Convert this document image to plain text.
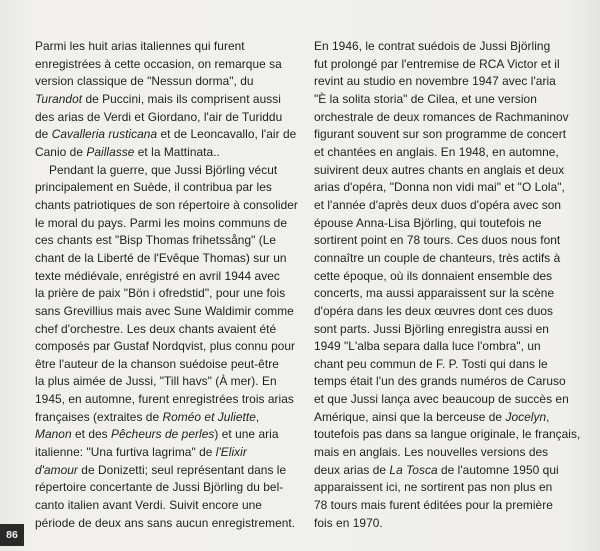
Parmi les huit arias italiennes qui furent
enregistrées à cette occasion, on remarque sa
version classique de "Nessun dorma", du
Turandot de Puccini, mais ils comprisent aussi
des arias de Verdi et Giordano, l'air de Turiddu
de Cavalleria rusticana et de Leoncavallo, l'air de
Canio de Paillasse et la Mattinata..

Pendant la guerre, que Jussi Björling vécut
principalement en Suède, il contribua par les
chants patriotiques de son répertoire à consolider
le moral du pays. Parmi les moins communs de
ces chants est "Bisp Thomas frihetssång" (Le
chant de la Liberté de l'Evêque Thomas) sur un
texte médiévale, enrégistré en avril 1944 avec
la prière de paix "Bön i ofredstid", pour une fois
sans Grevillius mais avec Sune Waldimir comme
chef d'orchestre. Les deux chants avaient été
composés par Gustaf Nordqvist, plus connu pour
être l'auteur de la chanson suédoise peut-être
la plus aimée de Jussi, "Till havs" (À mer). En
1945, en automne, furent enregistrées trois arias
françaises (extraites de Roméo et Juliette,
Manon et des Pêcheurs de perles) et une aria
italienne: "Una furtiva lagrima" de l'Elixir
d'amour de Donizetti; seul représentant dans le
répertoire concertante de Jussi Björling du bel-
canto italien avant Verdi. Suivit encore une
période de deux ans sans aucun enregistrement.

En 1946, le contrat suédois de Jussi Björling
fut prolongé par l'entremise de RCA Victor et il
revint au studio en novembre 1947 avec l'aria
"È la solita storia" de Cilea, et une version
orchestrale de deux romances de Rachmaninov
figurant souvent sur son programme de concert
et chantées en anglais. En 1948, en automne,
suivirent deux autres chants en anglais et deux
arias d'opéra, "Donna non vidi mai" et "O Lola",
et l'année d'après deux duos d'opéra avec son
épouse Anna-Lisa Björling, qui toutefois ne
sortirent point en 78 tours. Ces duos nous font
connaître un couple de chanteurs, très actifs à
cette époque, où ils donnaient ensemble des
concerts, ma aussi apparaissent sur la scène
d'opéra dans les deux œuvres dont ces duos
sont parts. Jussi Björling enregistra aussi en
1949 "L'alba separa dalla luce l'ombra", un
chant peu commun de F. P. Tosti qui dans le
temps était l'un des grands numéros de Caruso
et que Jussi lança avec beaucoup de succès en
Amérique, ainsi que la berceuse de Jocelyn,
toutefois pas dans sa langue originale, le français,
mais en anglais. Les nouvelles versions des
deux arias de La Tosca de l'automne 1950 qui
apparaissent ici, ne sortirent pas non plus en
78 tours mais furent éditées pour la première
fois en 1970.

86
